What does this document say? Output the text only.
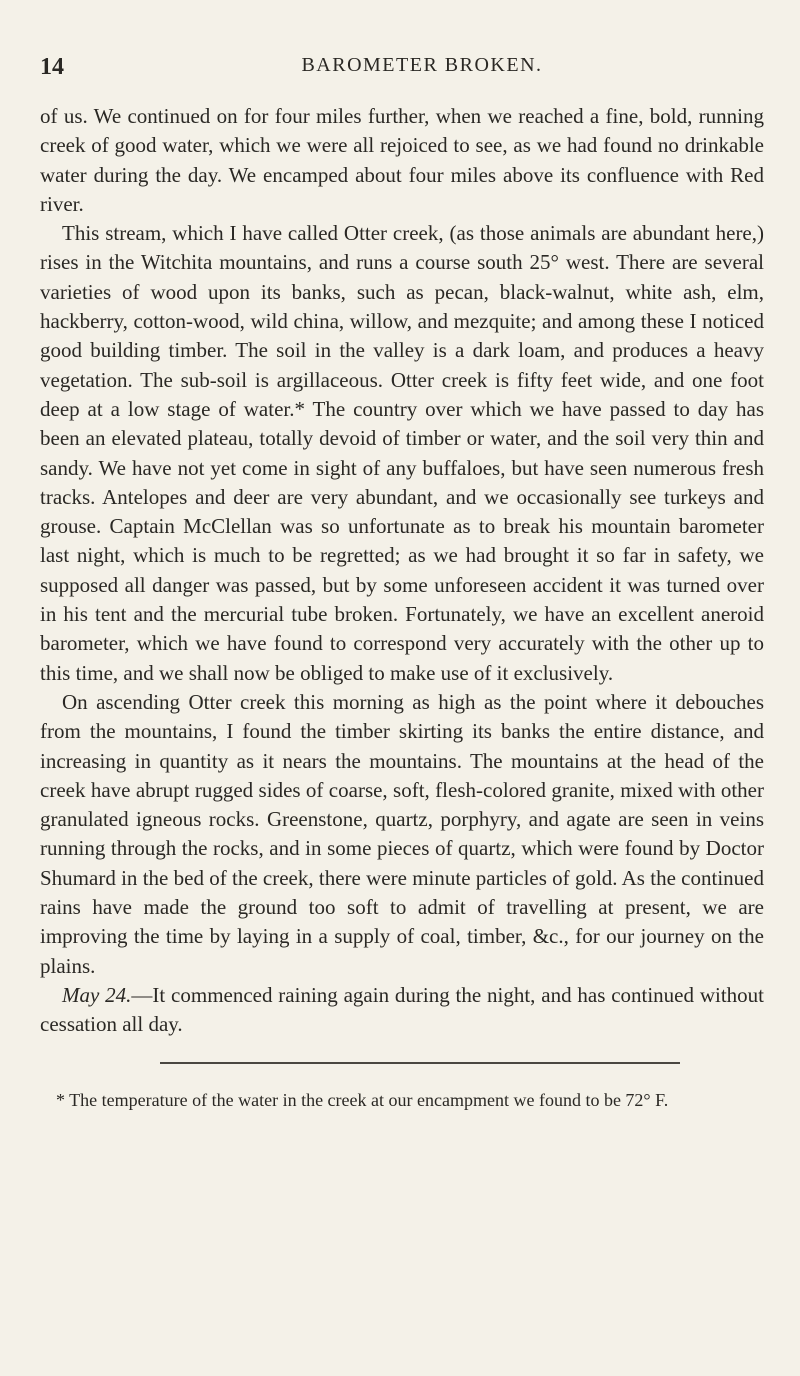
14	BAROMETER BROKEN.

of us. We continued on for four miles further, when we reached a fine, bold, running creek of good water, which we were all rejoiced to see, as we had found no drinkable water during the day. We encamped about four miles above its confluence with Red river.

This stream, which I have called Otter creek, (as those animals are abundant here,) rises in the Witchita mountains, and runs a course south 25° west. There are several varieties of wood upon its banks, such as pecan, black-walnut, white ash, elm, hackberry, cotton-wood, wild china, willow, and mezquite; and among these I noticed good building timber. The soil in the valley is a dark loam, and produces a heavy vegetation. The sub-soil is argillaceous. Otter creek is fifty feet wide, and one foot deep at a low stage of water.* The country over which we have passed to day has been an elevated plateau, totally devoid of timber or water, and the soil very thin and sandy. We have not yet come in sight of any buffaloes, but have seen numerous fresh tracks. Antelopes and deer are very abundant, and we occasionally see turkeys and grouse. Captain McClellan was so unfortunate as to break his mountain barometer last night, which is much to be regretted; as we had brought it so far in safety, we supposed all danger was passed, but by some unforeseen accident it was turned over in his tent and the mercurial tube broken. Fortunately, we have an excellent aneroid barometer, which we have found to correspond very accurately with the other up to this time, and we shall now be obliged to make use of it exclusively.

On ascending Otter creek this morning as high as the point where it debouches from the mountains, I found the timber skirting its banks the entire distance, and increasing in quantity as it nears the mountains. The mountains at the head of the creek have abrupt rugged sides of coarse, soft, flesh-colored granite, mixed with other granulated igneous rocks. Greenstone, quartz, porphyry, and agate are seen in veins running through the rocks, and in some pieces of quartz, which were found by Doctor Shumard in the bed of the creek, there were minute particles of gold. As the continued rains have made the ground too soft to admit of travelling at present, we are improving the time by laying in a supply of coal, timber, &c., for our journey on the plains.

May 24.—It commenced raining again during the night, and has continued without cessation all day.

* The temperature of the water in the creek at our encampment we found to be 72° F.
